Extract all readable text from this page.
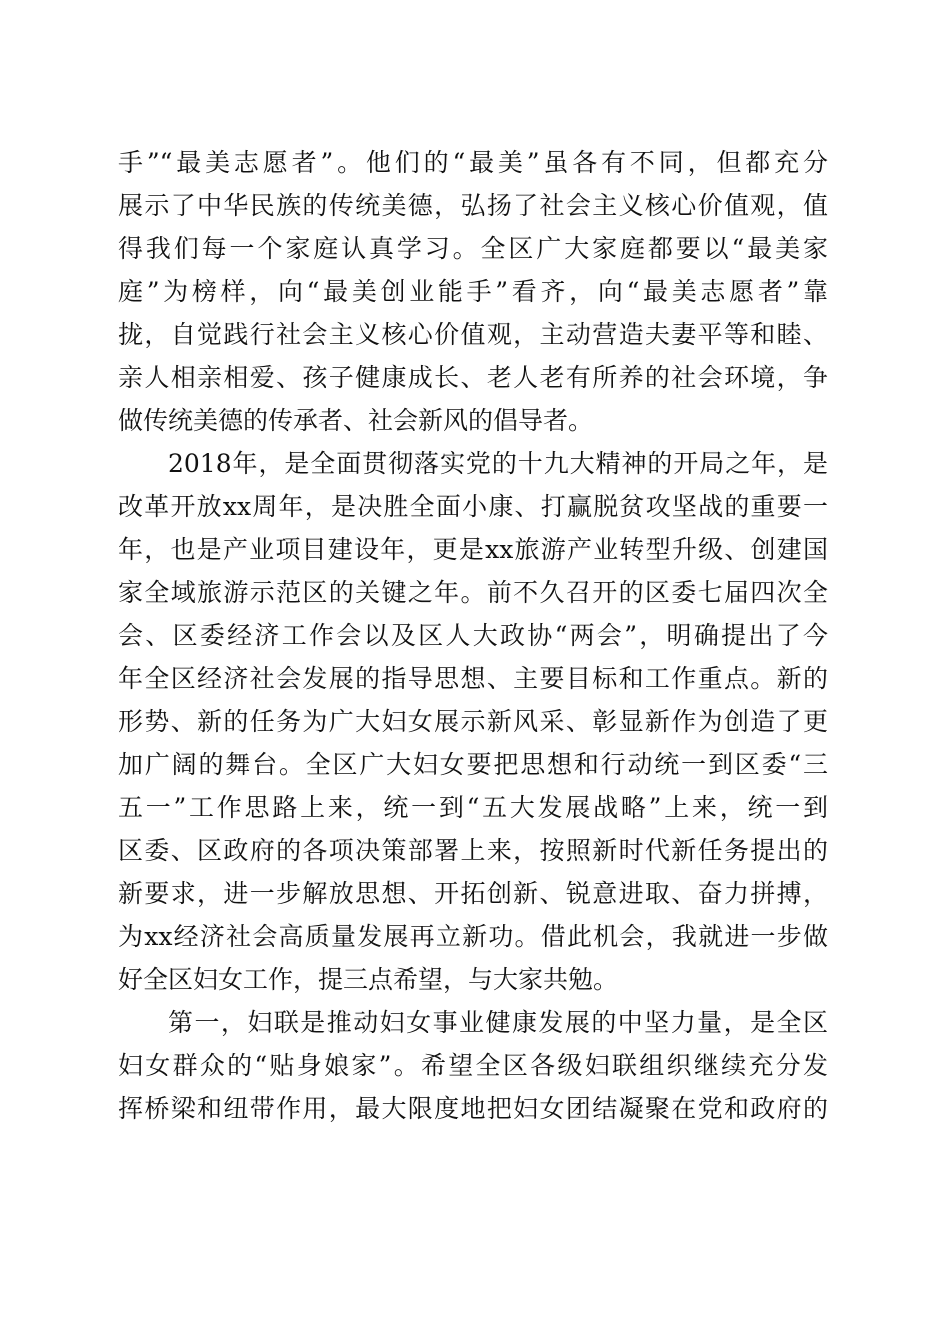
手”“最美志愿者”。他们的“最美”虽各有不同，但都充分
展示了中华民族的传统美德，弘扬了社会主义核心价值观，值
得我们每一个家庭认真学习。全区广大家庭都要以“最美家
庭”为榜样，向“最美创业能手”看齐，向“最美志愿者”靠
拢，自觉践行社会主义核心价值观，主动营造夫妻平等和睦、
亲人相亲相爱、孩子健康成长、老人老有所养的社会环境，争
做传统美德的传承者、社会新风的倡导者。
2018年，是全面贯彻落实党的十九大精神的开局之年，是
改革开放xx周年，是决胜全面小康、打赢脱贫攻坚战的重要一
年，也是产业项目建设年，更是xx旅游产业转型升级、创建国
家全域旅游示范区的关键之年。前不久召开的区委七届四次全
会、区委经济工作会以及区人大政协“两会”，明确提出了今
年全区经济社会发展的指导思想、主要目标和工作重点。新的
形势、新的任务为广大妇女展示新风采、彰显新作为创造了更
加广阔的舞台。全区广大妇女要把思想和行动统一到区委“三
五一”工作思路上来，统一到“五大发展战略”上来，统一到
区委、区政府的各项决策部署上来，按照新时代新任务提出的
新要求，进一步解放思想、开拓创新、锐意进取、奋力拼搏，
为xx经济社会高质量发展再立新功。借此机会，我就进一步做
好全区妇女工作，提三点希望，与大家共勉。
第一，妇联是推动妇女事业健康发展的中坚力量，是全区
妇女群众的“贴身娘家”。希望全区各级妇联组织继续充分发
挥桥梁和纽带作用，最大限度地把妇女团结凝聚在党和政府的
